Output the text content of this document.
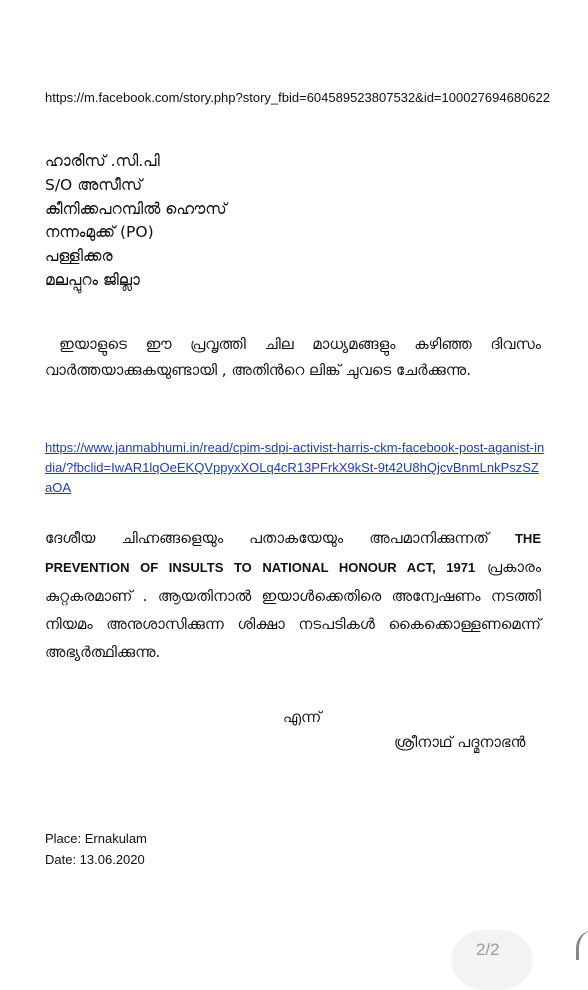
https://m.facebook.com/story.php?story_fbid=604589523807532&id=100027694680622
ഹാരിസ് .സി.പി
S/O അസീസ്
കീനിക്കപറമ്പിൽ ഹൌസ്
നന്നംമുക്ക് (PO)
പള്ളിക്കര
മലപ്പുറം ജില്ലാ
ഇയാളുടെ ഈ പ്രവൃത്തി ചില മാധ്യമങ്ങളും കഴിഞ്ഞ ദിവസം വാർത്തയാക്കുകയുണ്ടായി , അതിൻറെ ലിങ്ക് ചുവടെ ചേർക്കുന്നു.
https://www.janmabhumi.in/read/cpim-sdpi-activist-harris-ckm-facebook-post-aganist-india/?fbclid=IwAR1lqOeEKQVppyxXOLq4cR13PFrkX9kSt-9t42U8hQjcvBnmLnkPszSZaOA
ദേശീയ ചിഹ്നങ്ങളെയും പതാകയേയും അപമാനിക്കുന്നത് THE PREVENTION OF INSULTS TO NATIONAL HONOUR ACT, 1971 പ്രകാരം കുറ്റകരമാണ് . ആയതിനാൽ ഇയാൾക്കെതിരെ അന്വേഷണം നടത്തി നിയമം അനുശാസിക്കുന്ന ശിക്ഷാ നടപടികൾ കൈക്കൊള്ളണമെന്ന് അഭ്യർത്ഥിക്കുന്നു.
എന്ന്
ശ്രീനാഥ് പദ്മനാഭൻ
Place: Ernakulam
Date: 13.06.2020
2/2
